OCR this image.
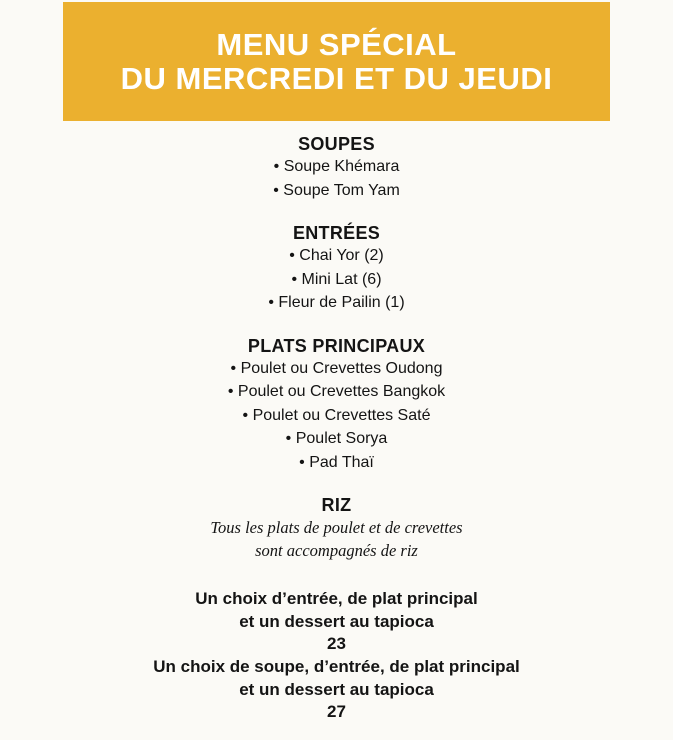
MENU SPÉCIAL
DU MERCREDI ET DU JEUDI
SOUPES
• Soupe Khémara
• Soupe Tom Yam
ENTRÉES
• Chai Yor (2)
• Mini Lat (6)
• Fleur de Pailin (1)
PLATS PRINCIPAUX
• Poulet ou Crevettes Oudong
• Poulet ou Crevettes Bangkok
• Poulet ou Crevettes Saté
• Poulet Sorya
• Pad Thaï
RIZ
Tous les plats de poulet et de crevettes
sont accompagnés de riz
Un choix d’entrée, de plat principal
et un dessert au tapioca
23
Un choix de soupe, d’entrée, de plat principal
et un dessert au tapioca
27
